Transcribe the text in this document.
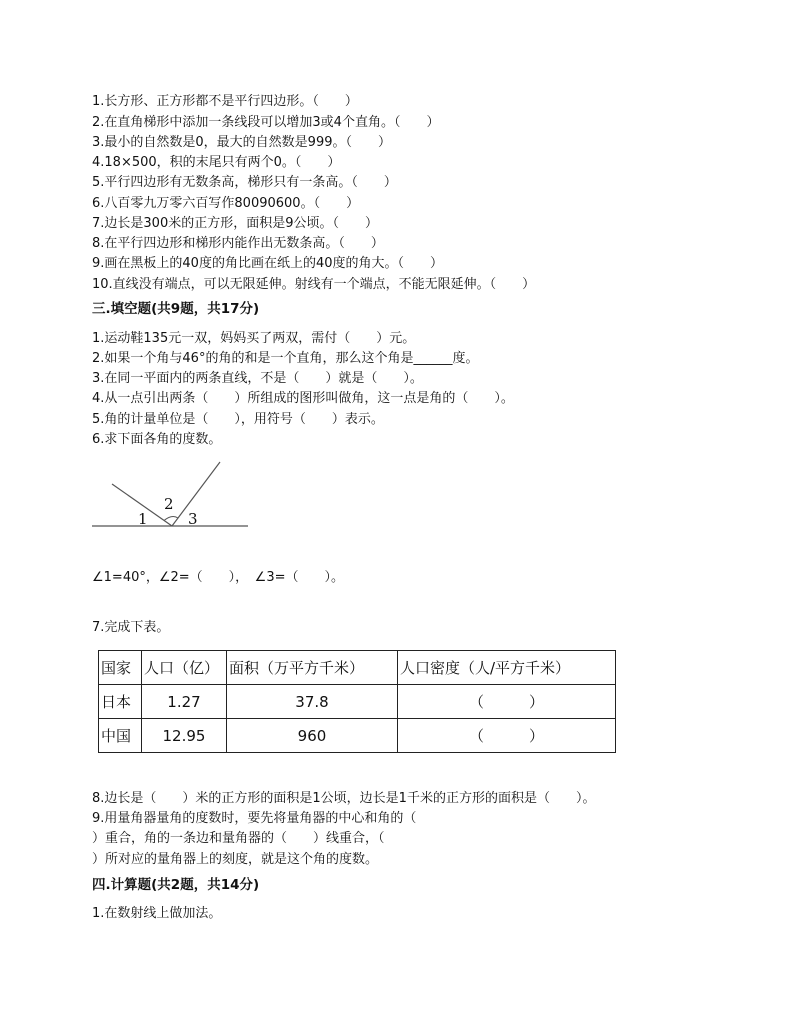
1.长方形、正方形都不是平行四边形。（　　）
2.在直角梯形中添加一条线段可以增加3或4个直角。（　　）
3.最小的自然数是0，最大的自然数是999。（　　）
4.18×500，积的末尾只有两个0。（　　）
5.平行四边形有无数条高，梯形只有一条高。（　　）
6.八百零九万零六百写作80090600。（　　）
7.边长是300米的正方形，面积是9公顷。（　　）
8.在平行四边形和梯形内能作出无数条高。（　　）
9.画在黑板上的40度的角比画在纸上的40度的角大。（　　）
10.直线没有端点，可以无限延伸。射线有一个端点，不能无限延伸。（　　）
三.填空题(共9题，共17分)
1.运动鞋135元一双，妈妈买了两双，需付（　　）元。
2.如果一个角与46°的角的和是一个直角，那么这个角是______度。
3.在同一平面内的两条直线，不是（　　）就是（　　）。
4.从一点引出两条（　　）所组成的图形叫做角，这一点是角的（　　）。
5.角的计量单位是（　　），用符号（　　）表示。
6.求下面各角的度数。
∠1=40°，∠2=（　　），　∠3=（　　）。
7.完成下表。
8.边长是（　　）米的正方形的面积是1公顷，边长是1千米的正方形的面积是（　　）。
9.用量角器量角的度数时，要先将量角器的中心和角的（
）重合，角的一条边和量角器的（　　）线重合，（
）所对应的量角器上的刻度，就是这个角的度数。
四.计算题(共2题，共14分)
1.在数射线上做加法。
1
2
3
国家	人口（亿）	面积（万平方千米）	人口密度（人/平方千米）
日本	1.27	37.8	（　　　）
中国	12.95	960	（　　　）
